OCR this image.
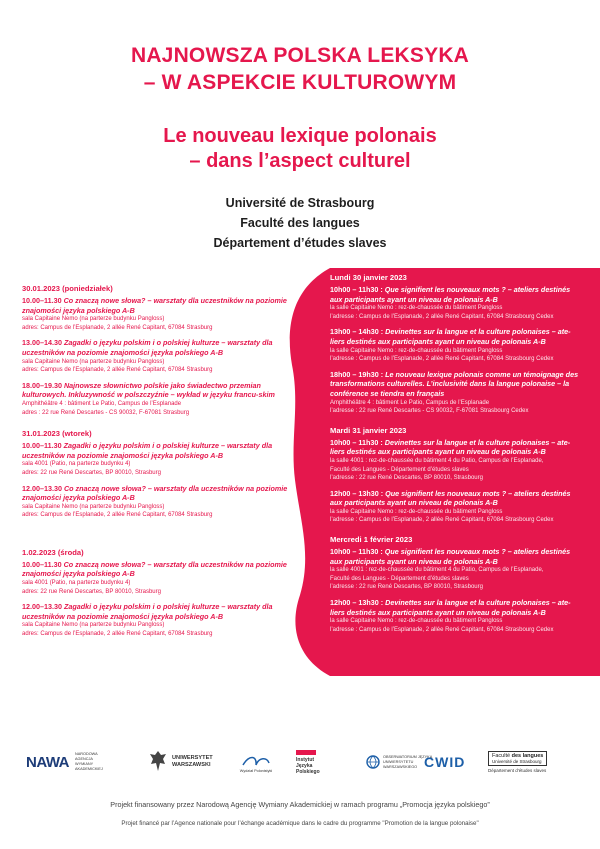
NAJNOWSZA POLSKA LEKSYKA
– W ASPEKCIE KULTUROWYM
Le nouveau lexique polonais
– dans l’aspect culturel
Université de Strasbourg
Faculté des langues
Département d’études slaves
30.01.2023 (poniedziałek)
10.00–11.30 Co znaczą nowe słowa? – warsztaty dla uczestników na poziomie znajomości języka polskiego A-B
sala Capitaine Nemo (na parterze budynku Pangloss)
adres: Campus de l’Esplanade, 2 allée René Capitant, 67084 Strasburg
13.00–14.30 Zagadki o języku polskim i o polskiej kulturze – warsztaty dla uczestników na poziomie znajomości języka polskiego A-B
sala Capitaine Nemo (na parterze budynku Pangloss)
adres: Campus de l’Esplanade, 2 allée René Capitant, 67084 Strasburg
18.00–19.30 Najnowsze słownictwo polskie jako świadectwo przemian kulturowych. Inkluzywność w polszczyźnie – wykład w języku francu-skim
Amphithéâtre 4 : bâtiment Le Patio, Campus de l’Esplanade
adres : 22 rue René Descartes - CS 90032, F-67081 Strasburg
31.01.2023 (wtorek)
10.00–11.30 Zagadki o języku polskim i o polskiej kulturze – warsztaty dla uczestników na poziomie znajomości języka polskiego A-B
sala 4001 (Patio, na parterze budynku 4)
adres: 22 rue René Descartes, BP 80010, Strasburg
12.00–13.30 Co znaczą nowe słowa? – warsztaty dla uczestników na poziomie znajomości języka polskiego A-B
sala Capitaine Nemo (na parterze budynku Pangloss)
adres: Campus de l’Esplanade, 2 allée René Capitant, 67084 Strasburg
1.02.2023 (środa)
10.00–11.30 Co znaczą nowe słowa? – warsztaty dla uczestników na poziomie znajomości języka polskiego A-B
sala 4001 (Patio, na parterze budynku 4)
adres: 22 rue René Descartes, BP 80010, Strasburg
12.00–13.30 Zagadki o języku polskim i o polskiej kulturze – warsztaty dla uczestników na poziomie znajomości języka polskiego A-B
sala Capitaine Nemo (na parterze budynku Pangloss)
adres: Campus de l’Esplanade, 2 allée René Capitant, 67084 Strasburg
Lundi 30 janvier 2023
10h00 – 11h30 : Que signifient les nouveaux mots ? – ateliers destinés aux participants ayant un niveau de polonais A-B
la salle Capitaine Nemo : rez-de-chaussée du bâtiment Pangloss
l’adresse : Campus de l’Esplanade, 2 allée René Capitant, 67084 Strasbourg Cedex
13h00 – 14h30 : Devinettes sur la langue et la culture polonaises – ate-liers destinés aux participants ayant un niveau de polonais A-B
la salle Capitaine Nemo : rez-de-chaussée du bâtiment Pangloss
l’adresse : Campus de l’Esplanade, 2 allée René Capitant, 67084 Strasbourg Cedex
18h00 – 19h30 : Le nouveau lexique polonais comme un témoignage des transformations culturelles. L’inclusivité dans la langue polonaise – la conférence se tiendra en français
Amphithéâtre 4 : bâtiment Le Patio, Campus de l’Esplanade
l’adresse : 22 rue René Descartes - CS 90032, F-67081 Strasbourg Cedex
Mardi 31 janvier 2023
10h00 – 11h30 : Devinettes sur la langue et la culture polonaises – ate-liers destinés aux participants ayant un niveau de polonais A-B
la salle 4001 : rez-de-chaussée du bâtiment 4 du Patio, Campus de l’Esplanade,
Faculté des Langues - Département d’études slaves
l’adresse : 22 rue René Descartes, BP 80010, Strasbourg
12h00 – 13h30 : Que signifient les nouveaux mots ? – ateliers destinés aux participants ayant un niveau de polonais A-B
la salle Capitaine Nemo : rez-de-chaussée du bâtiment Pangloss
l’adresse : Campus de l’Esplanade, 2 allée René Capitant, 67084 Strasbourg Cedex
Mercredi 1 février 2023
10h00 – 11h30 : Que signifient les nouveaux mots ? – ateliers destinés aux participants ayant un niveau de polonais A-B
la salle 4001 : rez-de-chaussée du bâtiment 4 du Patio, Campus de l’Esplanade,
Faculté des Langues - Département d’études slaves
l’adresse : 22 rue René Descartes, BP 80010, Strasbourg
12h00 – 13h30 : Devinettes sur la langue et la culture polonaises – ate-liers destinés aux participants ayant un niveau de polonais A-B
la salle Capitaine Nemo : rez-de-chaussée du bâtiment Pangloss
l’adresse : Campus de l’Esplanade, 2 allée René Capitant, 67084 Strasbourg Cedex
NAWA NARODOWA AGENCJA WYMIANY AKADEMICKIEJ
UNIWERSYTET WARSZAWSKI
Wydział Polonistyki
Instytut Języka Polskiego
OBSERWATORIUM JĘZYKA UNIWERSYTETU WARSZAWSKIEGO CWID	Faculté des langues
Université de Strasbourg
Département d’études slaves
Projekt finansowany przez Narodową Agencję Wymiany Akademickiej w ramach programu „Promocja języka polskiego”
Projet financé par l’Agence nationale pour l’échange académique dans le cadre du programme "Promotion de la langue polonaise"
